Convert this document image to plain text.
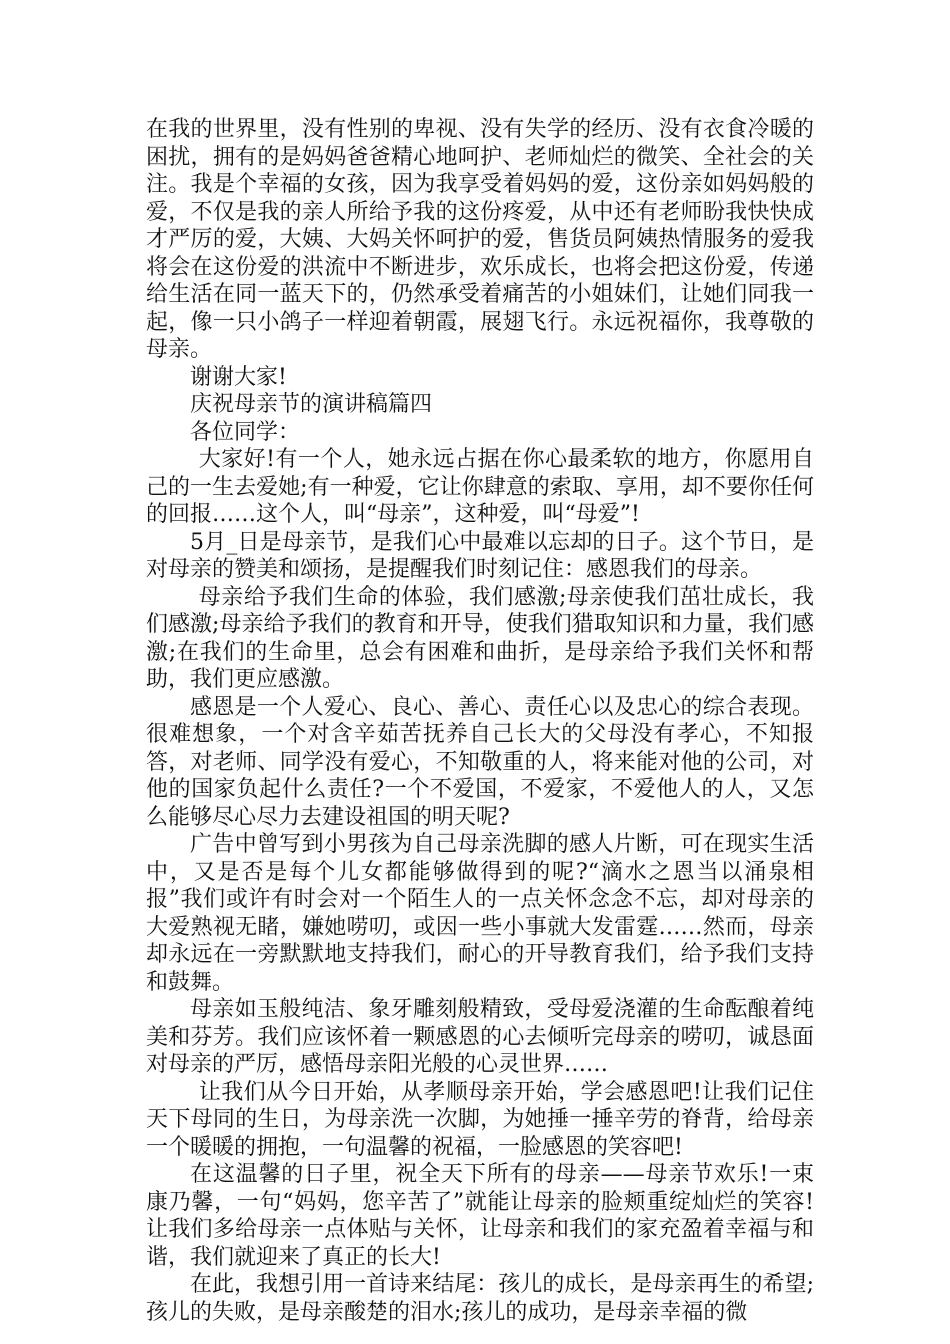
在我的世界里，没有性别的卑视、没有失学的经历、没有衣食冷暖的困扰，拥有的是妈妈爸爸精心地呵护、老师灿烂的微笑、全社会的关注。我是个幸福的女孩，因为我享受着妈妈的爱，这份亲如妈妈般的爱，不仅是我的亲人所给予我的这份疼爱，从中还有老师盼我快快成才严厉的爱，大姨、大妈关怀呵护的爱，售货员阿姨热情服务的爱我将会在这份爱的洪流中不断进步，欢乐成长，也将会把这份爱，传递给生活在同一蓝天下的，仍然承受着痛苦的小姐妹们，让她们同我一起，像一只小鸽子一样迎着朝霞，展翅飞行。永远祝福你，我尊敬的母亲。

谢谢大家!

庆祝母亲节的演讲稿篇四

各位同学：

大家好!有一个人，她永远占据在你心最柔软的地方，你愿用自己的一生去爱她;有一种爱，它让你肆意的索取、享用，却不要你任何的回报……这个人，叫“母亲”，这种爱，叫“母爱”!

5月_日是母亲节，是我们心中最难以忘却的日子。这个节日，是对母亲的赞美和颂扬，是提醒我们时刻记住：感恩我们的母亲。

母亲给予我们生命的体验，我们感激;母亲使我们茁壮成长，我们感激;母亲给予我们的教育和开导，使我们猎取知识和力量，我们感激;在我们的生命里，总会有困难和曲折，是母亲给予我们关怀和帮助，我们更应感激。

感恩是一个人爱心、良心、善心、责任心以及忠心的综合表现。很难想象，一个对含辛茹苦抚养自己长大的父母没有孝心，不知报答，对老师、同学没有爱心，不知敬重的人，将来能对他的公司，对他的国家负起什么责任?一个不爱国，不爱家，不爱他人的人，又怎么能够尽心尽力去建设祖国的明天呢?

广告中曾写到小男孩为自己母亲洗脚的感人片断，可在现实生活中，又是否是每个儿女都能够做得到的呢?“滴水之恩当以涌泉相报”我们或许有时会对一个陌生人的一点关怀念念不忘，却对母亲的大爱熟视无睹，嫌她唠叨，或因一些小事就大发雷霆……然而，母亲却永远在一旁默默地支持我们，耐心的开导教育我们，给予我们支持和鼓舞。

母亲如玉般纯洁、象牙雕刻般精致，受母爱浇灌的生命酝酿着纯美和芬芳。我们应该怀着一颗感恩的心去倾听完母亲的唠叨，诚恳面对母亲的严厉，感悟母亲阳光般的心灵世界……

让我们从今日开始，从孝顺母亲开始，学会感恩吧!让我们记住天下母同的生日，为母亲洗一次脚，为她捶一捶辛劳的脊背，给母亲一个暖暖的拥抱，一句温馨的祝福，一脸感恩的笑容吧!

在这温馨的日子里，祝全天下所有的母亲——母亲节欢乐!一束康乃馨，一句“妈妈，您辛苦了”就能让母亲的脸颊重绽灿烂的笑容!让我们多给母亲一点体贴与关怀，让母亲和我们的家充盈着幸福与和谐，我们就迎来了真正的长大!

在此，我想引用一首诗来结尾：孩儿的成长，是母亲再生的希望;孩儿的失败，是母亲酸楚的泪水;孩儿的成功，是母亲幸福的微
